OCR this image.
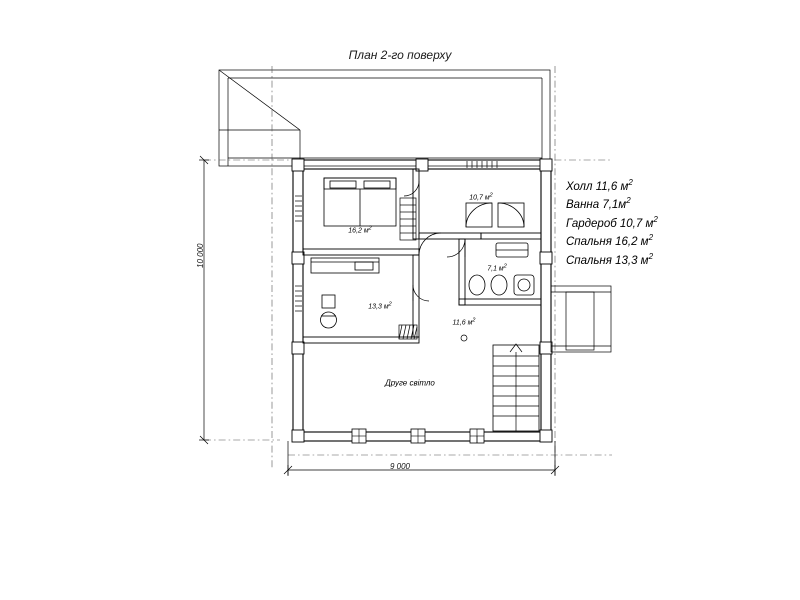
План 2-го поверху
Холл 11,6 $м^2$
Ванна $7,1м^2$
Гардероб 10,7 $м^2$
Спальня 16,2 $м^2$
Спальня 13,3 $м^2$
10 000
9 000
16,2 $м^2$
10,7 $м^2$
7,1 $м^2$
13,3 $м^2$
11,6 $м^2$
Друге світло
